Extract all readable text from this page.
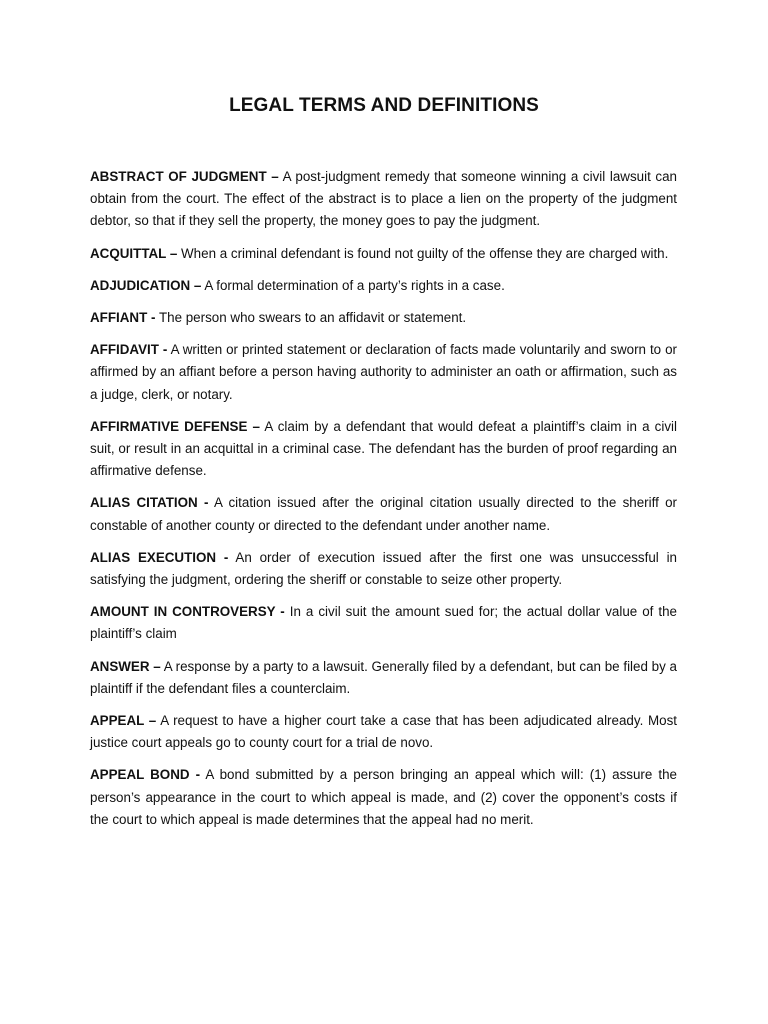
LEGAL TERMS AND DEFINITIONS

ABSTRACT OF JUDGMENT – A post-judgment remedy that someone winning a civil lawsuit can obtain from the court. The effect of the abstract is to place a lien on the property of the judgment debtor, so that if they sell the property, the money goes to pay the judgment.

ACQUITTAL – When a criminal defendant is found not guilty of the offense they are charged with.

ADJUDICATION – A formal determination of a party’s rights in a case.

AFFIANT - The person who swears to an affidavit or statement.

AFFIDAVIT - A written or printed statement or declaration of facts made voluntarily and sworn to or affirmed by an affiant before a person having authority to administer an oath or affirmation, such as a judge, clerk, or notary.

AFFIRMATIVE DEFENSE – A claim by a defendant that would defeat a plaintiff’s claim in a civil suit, or result in an acquittal in a criminal case. The defendant has the burden of proof regarding an affirmative defense.

ALIAS CITATION - A citation issued after the original citation usually directed to the sheriff or constable of another county or directed to the defendant under another name.

ALIAS EXECUTION - An order of execution issued after the first one was unsuccessful in satisfying the judgment, ordering the sheriff or constable to seize other property.

AMOUNT IN CONTROVERSY - In a civil suit the amount sued for; the actual dollar value of the plaintiff’s claim

ANSWER – A response by a party to a lawsuit. Generally filed by a defendant, but can be filed by a plaintiff if the defendant files a counterclaim.

APPEAL – A request to have a higher court take a case that has been adjudicated already. Most justice court appeals go to county court for a trial de novo.

APPEAL BOND - A bond submitted by a person bringing an appeal which will: (1) assure the person’s appearance in the court to which appeal is made, and (2) cover the opponent’s costs if the court to which appeal is made determines that the appeal had no merit.
